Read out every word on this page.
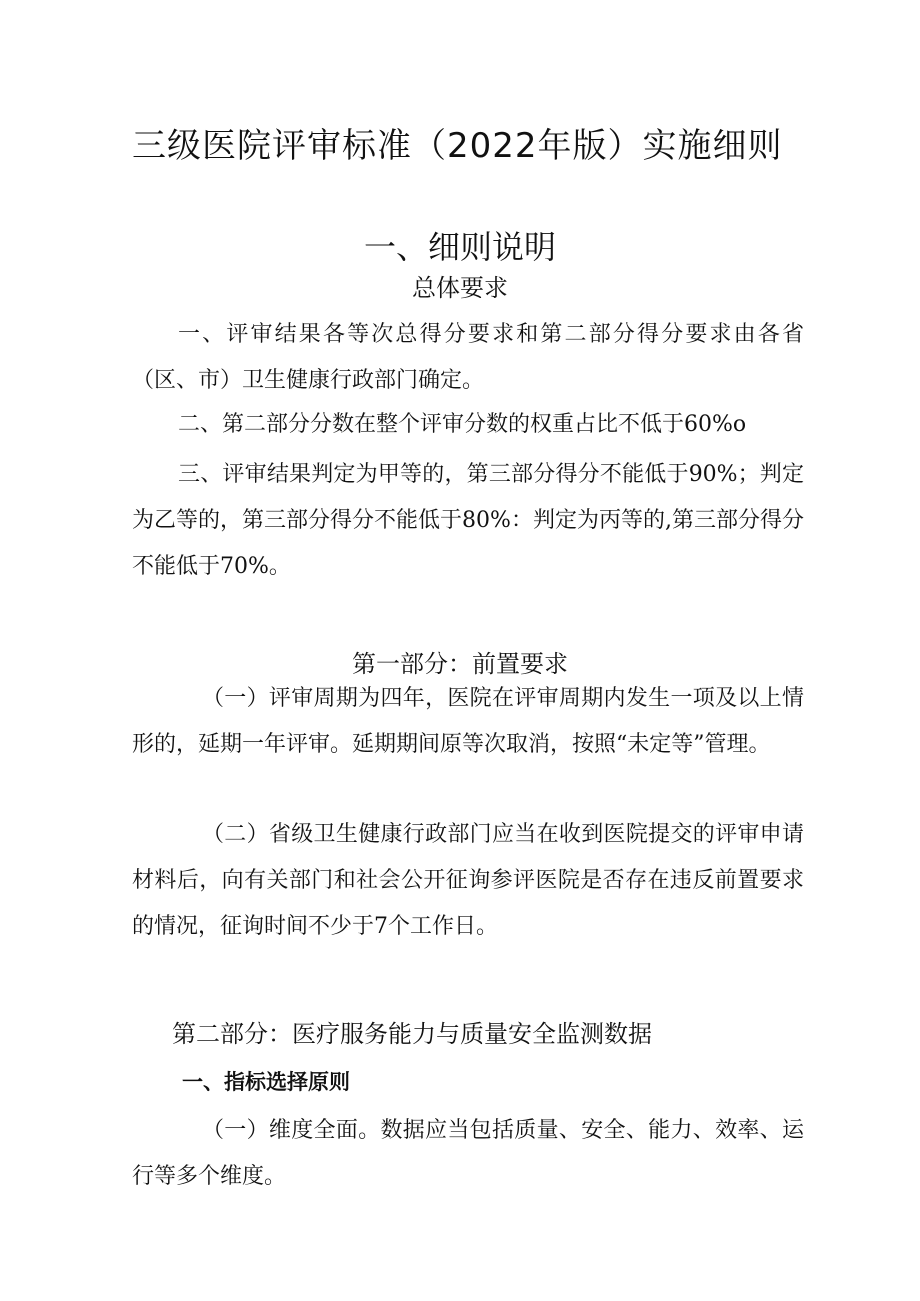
三级医院评审标准（2022年版）实施细则
一、细则说明
总体要求

一、评审结果各等次总得分要求和第二部分得分要求由各省（区、市）卫生健康行政部门确定。

二、第二部分分数在整个评审分数的权重占比不低于60%o

三、评审结果判定为甲等的，第三部分得分不能低于90%；判定为乙等的，第三部分得分不能低于80%：判定为丙等的,第三部分得分不能低于70%。

第一部分：前置要求

（一）评审周期为四年，医院在评审周期内发生一项及以上情形的，延期一年评审。延期期间原等次取消，按照“未定等”管理。

（二）省级卫生健康行政部门应当在收到医院提交的评审申请材料后，向有关部门和社会公开征询参评医院是否存在违反前置要求的情况，征询时间不少于7个工作日。

第二部分：医疗服务能力与质量安全监测数据
一、指标选择原则

（一）维度全面。数据应当包括质量、安全、能力、效率、运行等多个维度。
